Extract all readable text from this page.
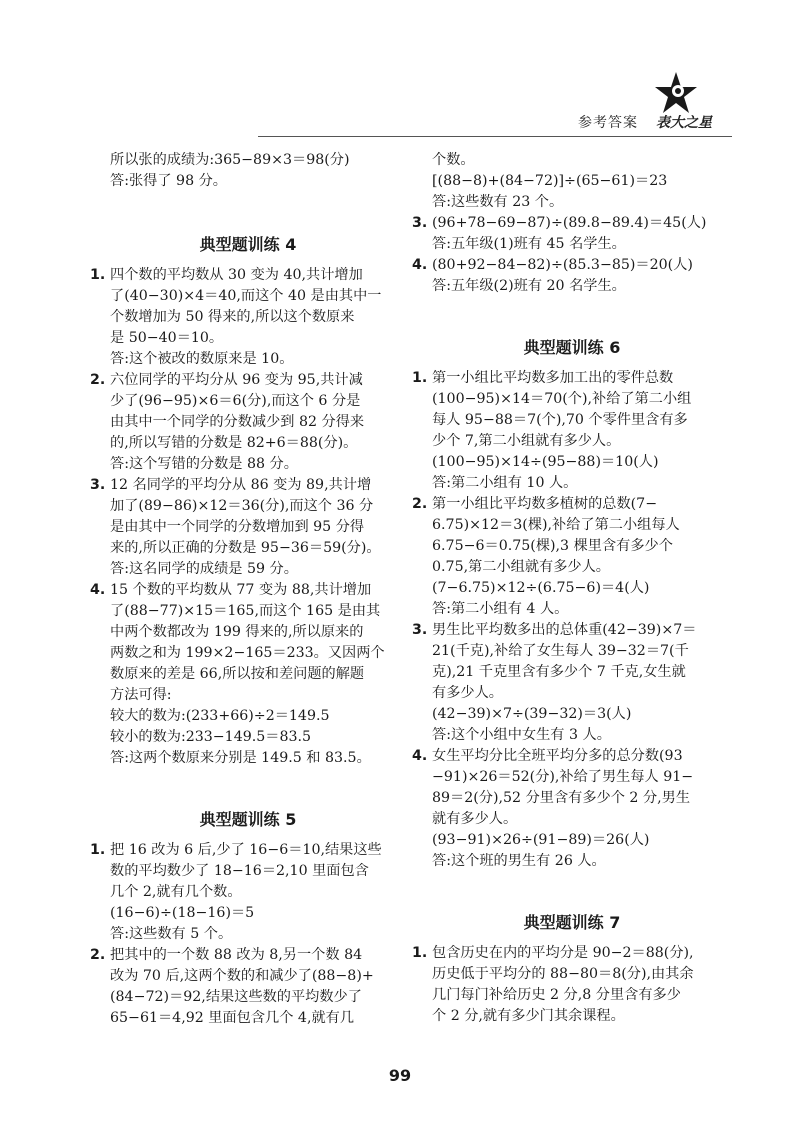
参考答案 表大之星
所以张的成绩为:365−89×3＝98(分)
答:张得了 98 分。
典型题训练 4
1. 四个数的平均数从 30 变为 40,共计增加
了(40−30)×4＝40,而这个 40 是由其中一
个数增加为 50 得来的,所以这个数原来
是 50−40＝10。
答:这个被改的数原来是 10。
2. 六位同学的平均分从 96 变为 95,共计减
少了(96−95)×6＝6(分),而这个 6 分是
由其中一个同学的分数减少到 82 分得来
的,所以写错的分数是 82+6＝88(分)。
答:这个写错的分数是 88 分。
3. 12 名同学的平均分从 86 变为 89,共计增
加了(89−86)×12＝36(分),而这个 36 分
是由其中一个同学的分数增加到 95 分得
来的,所以正确的分数是 95−36＝59(分)。
答:这名同学的成绩是 59 分。
4. 15 个数的平均数从 77 变为 88,共计增加
了(88−77)×15＝165,而这个 165 是由其
中两个数都改为 199 得来的,所以原来的
两数之和为 199×2−165＝233。又因两个
数原来的差是 66,所以按和差问题的解题
方法可得:
较大的数为:(233+66)÷2＝149.5
较小的数为:233−149.5＝83.5
答:这两个数原来分别是 149.5 和 83.5。
典型题训练 5
1. 把 16 改为 6 后,少了 16−6＝10,结果这些
数的平均数少了 18−16＝2,10 里面包含
几个 2,就有几个数。
(16−6)÷(18−16)＝5
答:这些数有 5 个。
2. 把其中的一个数 88 改为 8,另一个数 84
改为 70 后,这两个数的和减少了(88−8)+
(84−72)＝92,结果这些数的平均数少了
65−61＝4,92 里面包含几个 4,就有几
个数。
[(88−8)+(84−72)]÷(65−61)＝23
答:这些数有 23 个。
3. (96+78−69−87)÷(89.8−89.4)＝45(人)
答:五年级(1)班有 45 名学生。
4. (80+92−84−82)÷(85.3−85)＝20(人)
答:五年级(2)班有 20 名学生。
典型题训练 6
1. 第一小组比平均数多加工出的零件总数
(100−95)×14＝70(个),补给了第二小组
每人 95−88＝7(个),70 个零件里含有多
少个 7,第二小组就有多少人。
(100−95)×14÷(95−88)＝10(人)
答:第二小组有 10 人。
2. 第一小组比平均数多植树的总数(7−
6.75)×12＝3(棵),补给了第二小组每人
6.75−6＝0.75(棵),3 棵里含有多少个
0.75,第二小组就有多少人。
(7−6.75)×12÷(6.75−6)＝4(人)
答:第二小组有 4 人。
3. 男生比平均数多出的总体重(42−39)×7＝
21(千克),补给了女生每人 39−32＝7(千
克),21 千克里含有多少个 7 千克,女生就
有多少人。
(42−39)×7÷(39−32)＝3(人)
答:这个小组中女生有 3 人。
4. 女生平均分比全班平均分多的总分数(93
−91)×26＝52(分),补给了男生每人 91−
89＝2(分),52 分里含有多少个 2 分,男生
就有多少人。
(93−91)×26÷(91−89)＝26(人)
答:这个班的男生有 26 人。
典型题训练 7
1. 包含历史在内的平均分是 90−2＝88(分),
历史低于平均分的 88−80＝8(分),由其余
几门每门补给历史 2 分,8 分里含有多少
个 2 分,就有多少门其余课程。
99
